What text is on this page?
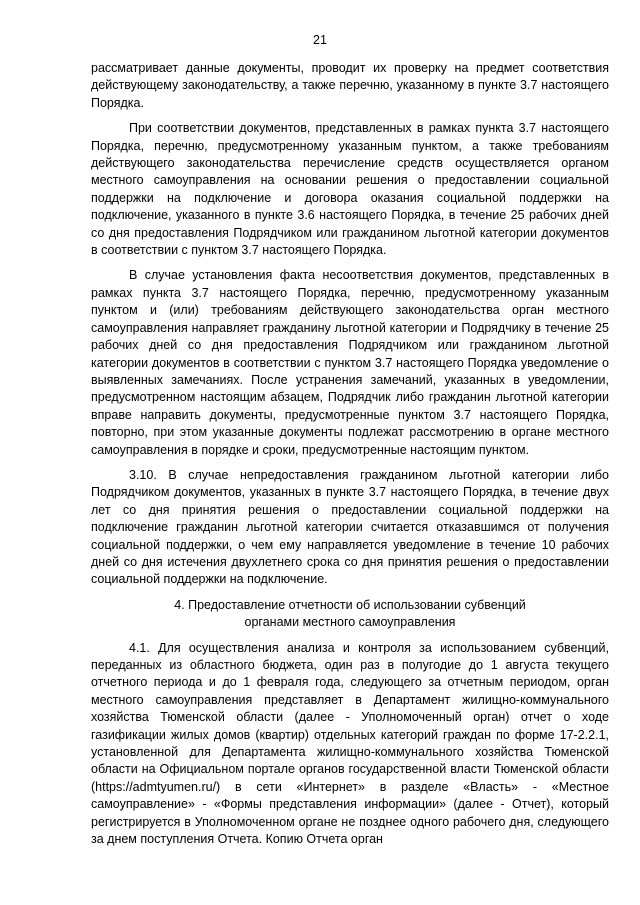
21

рассматривает данные документы, проводит их проверку на предмет соответствия действующему законодательству, а также перечню, указанному в пункте 3.7 настоящего Порядка.

При соответствии документов, представленных в рамках пункта 3.7 настоящего Порядка, перечню, предусмотренному указанным пунктом, а также требованиям действующего законодательства перечисление средств осуществляется органом местного самоуправления на основании решения о предоставлении социальной поддержки на подключение и договора оказания социальной поддержки на подключение, указанного в пункте 3.6 настоящего Порядка, в течение 25 рабочих дней со дня предоставления Подрядчиком или гражданином льготной категории документов в соответствии с пунктом 3.7 настоящего Порядка.

В случае установления факта несоответствия документов, представленных в рамках пункта 3.7 настоящего Порядка, перечню, предусмотренному указанным пунктом и (или) требованиям действующего законодательства орган местного самоуправления направляет гражданину льготной категории и Подрядчику в течение 25 рабочих дней со дня предоставления Подрядчиком или гражданином льготной категории документов в соответствии с пунктом 3.7 настоящего Порядка уведомление о выявленных замечаниях. После устранения замечаний, указанных в уведомлении, предусмотренном настоящим абзацем, Подрядчик либо гражданин льготной категории вправе направить документы, предусмотренные пунктом 3.7 настоящего Порядка, повторно, при этом указанные документы подлежат рассмотрению в органе местного самоуправления в порядке и сроки, предусмотренные настоящим пунктом.

3.10. В случае непредоставления гражданином льготной категории либо Подрядчиком документов, указанных в пункте 3.7 настоящего Порядка, в течение двух лет со дня принятия решения о предоставлении социальной поддержки на подключение гражданин льготной категории считается отказавшимся от получения социальной поддержки, о чем ему направляется уведомление в течение 10 рабочих дней со дня истечения двухлетнего срока со дня принятия решения о предоставлении социальной поддержки на подключение.

4. Предоставление отчетности об использовании субвенций
органами местного самоуправления

4.1. Для осуществления анализа и контроля за использованием субвенций, переданных из областного бюджета, один раз в полугодие до 1 августа текущего отчетного периода и до 1 февраля года, следующего за отчетным периодом, орган местного самоуправления представляет в Департамент жилищно-коммунального хозяйства Тюменской области (далее - Уполномоченный орган) отчет о ходе газификации жилых домов (квартир) отдельных категорий граждан по форме 17-2.2.1, установленной для Департамента жилищно-коммунального хозяйства Тюменской области на Официальном портале органов государственной власти Тюменской области (https://admtyumen.ru/) в сети «Интернет» в разделе «Власть» - «Местное самоуправление» - «Формы представления информации» (далее - Отчет), который регистрируется в Уполномоченном органе не позднее одного рабочего дня, следующего за днем поступления Отчета. Копию Отчета орган
